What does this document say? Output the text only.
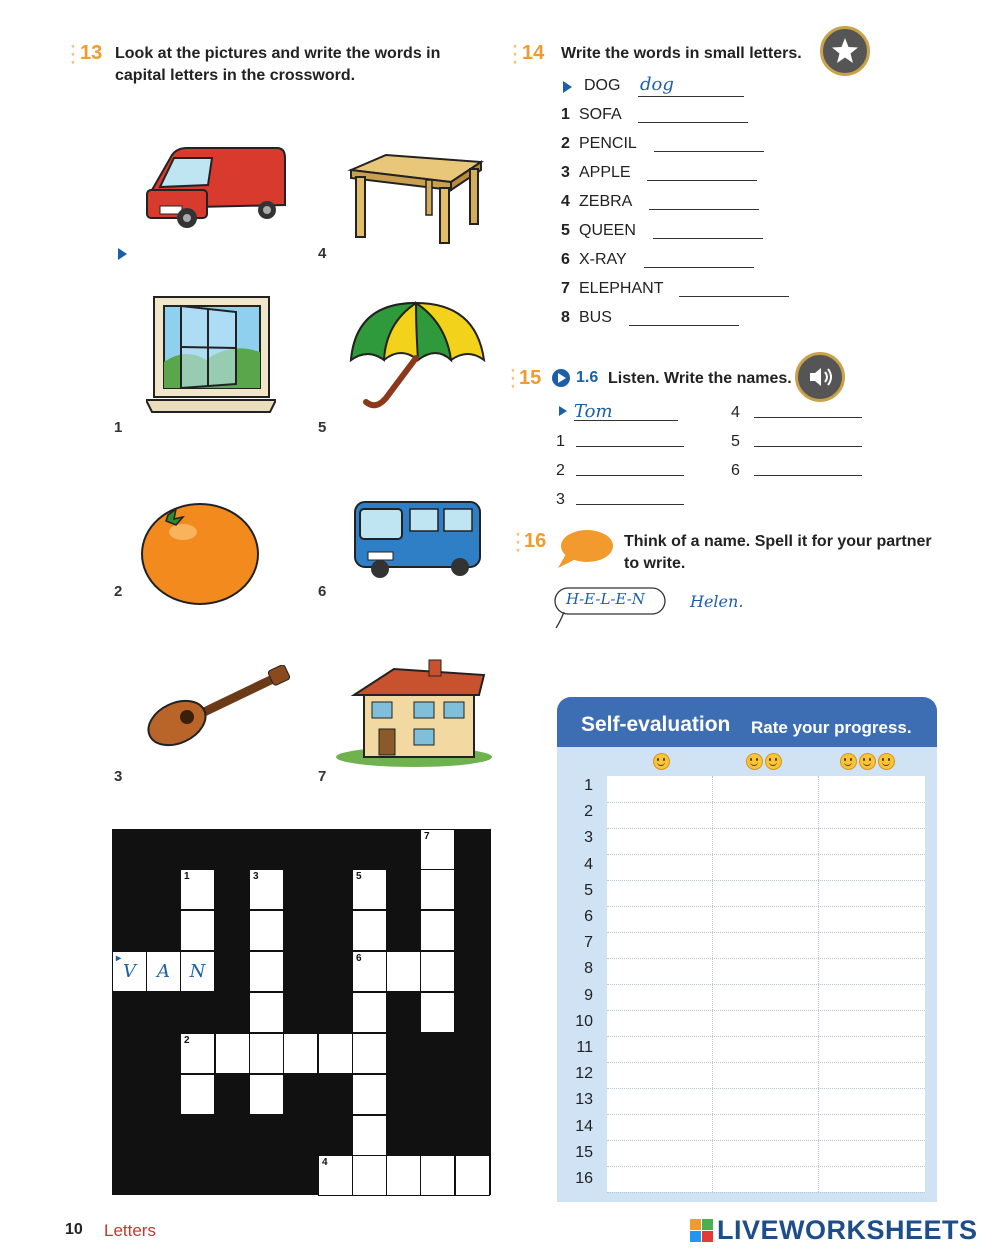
*
*
* 13 Look at the pictures and write the words in
capital letters in the crossword.
4
1	5
2	6
3	7
7
1	3	5
▸
V	A	N
6
2
4
*
*
* 14 Write the words in small letters.
DOG dog
1 SOFA
2 PENCIL
3 APPLE
4 ZEBRA
5 QUEEN
6 X-RAY
7 ELEPHANT
8 BUS
*
*
* 15 1.6 Listen. Write the names.
Tom
1
2
3
4
5
6
*
*
* 16	Think of a name. Spell it for your partner
to write.
H-E-L-E-N	Helen.
Self-evaluation Rate your progress.
1
2
3
4
5
6
7
8
9
10
11
12
13
14
15
16
10 Letters	LIVEWORKSHEETS
